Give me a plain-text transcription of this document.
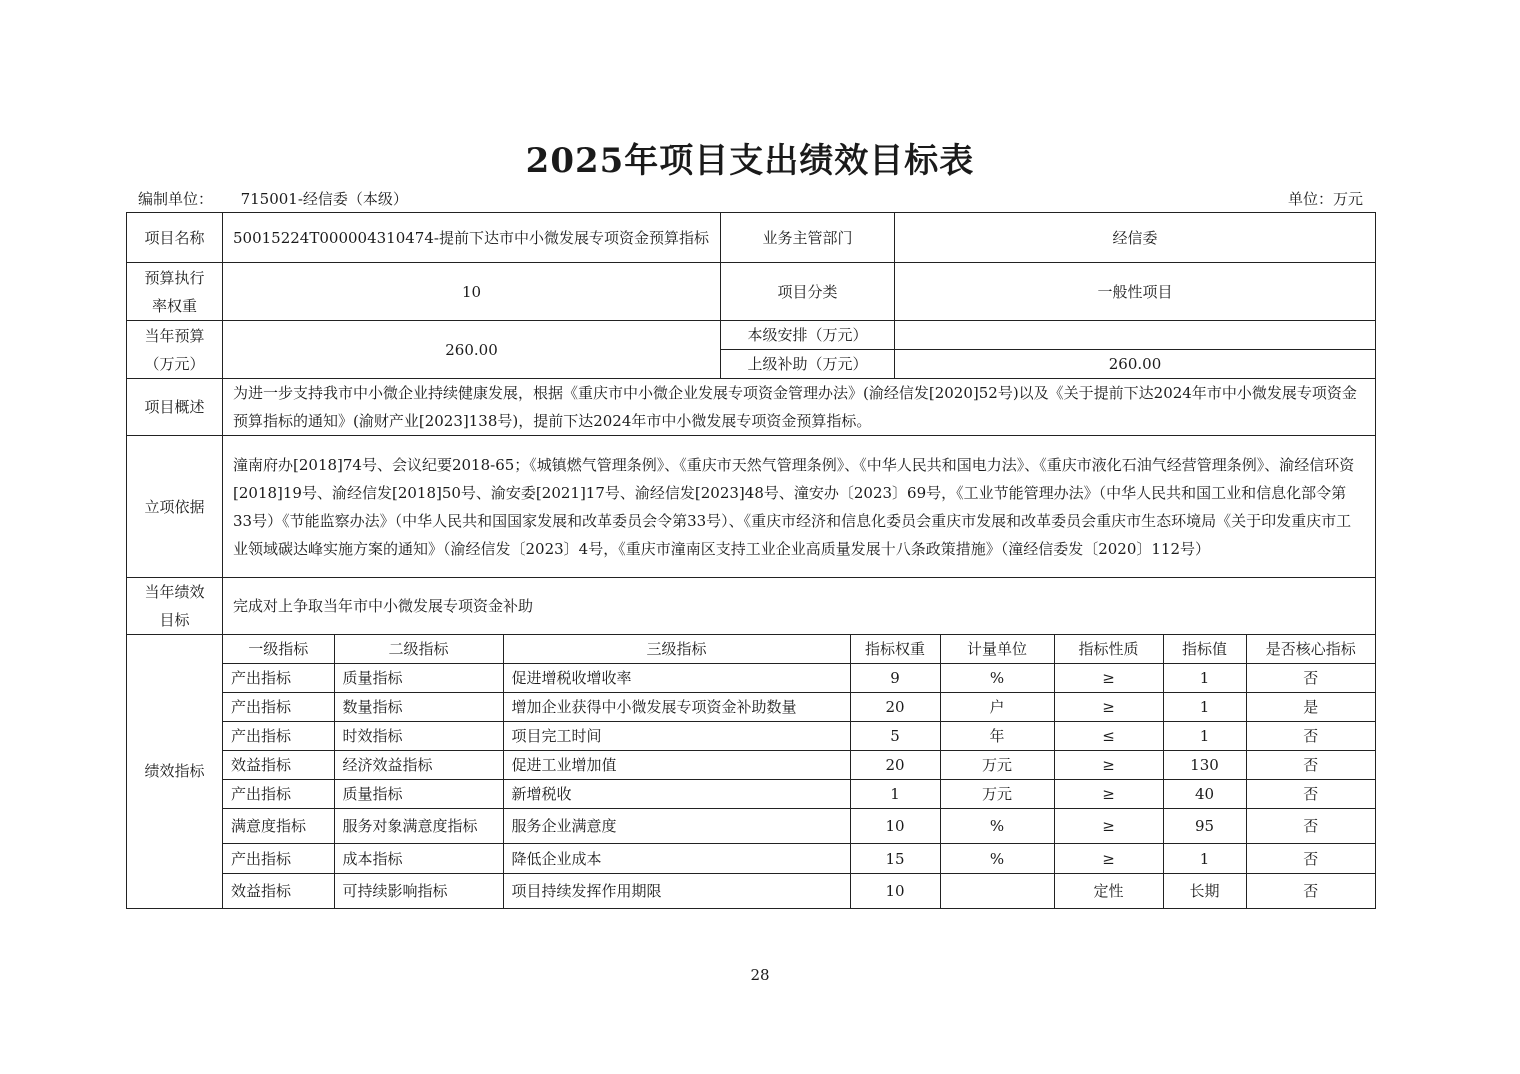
2025年项目支出绩效目标表
编制单位： 715001-经信委（本级）	单位：万元
项目名称	50015224T000004310474-提前下达市中小微发展专项资金预算指标	业务主管部门	经信委

预算执行
率权重
	10	项目分类	一般性项目

当年预算
（万元）
	260.00	本级安排（万元）	
上级补助（万元）	260.00
项目概述	为进一步支持我市中小微企业持续健康发展，根据《重庆市中小微企业发展专项资金管理办法》(渝经信发[2020]52号)以及《关于提前下达2024年市中小微发展专项资金预算指标的通知》(渝财产业[2023]138号)，提前下达2024年市中小微发展专项资金预算指标。
立项依据	潼南府办[2018]74号、会议纪要2018-65；《城镇燃气管理条例》、《重庆市天然气管理条例》、《中华人民共和国电力法》、《重庆市液化石油气经营管理条例》、渝经信环资[2018]19号、渝经信发[2018]50号、渝安委[2021]17号、渝经信发[2023]48号、潼安办〔2023〕69号，《工业节能管理办法》（中华人民共和国工业和信息化部令第33号）《节能监察办法》（中华人民共和国国家发展和改革委员会令第33号）、《重庆市经济和信息化委员会重庆市发展和改革委员会重庆市生态环境局《关于印发重庆市工业领域碳达峰实施方案的通知》（渝经信发〔2023〕4号，《重庆市潼南区支持工业企业高质量发展十八条政策措施》（潼经信委发〔2020〕112号）

当年绩效
目标
	完成对上争取当年市中小微发展专项资金补助
绩效指标	
一级指标	二级指标	三级指标	指标权重	计量单位	指标性质	指标值	是否核心指标
产出指标	质量指标	促进增税收增收率	9	%	≥	1	否
产出指标	数量指标	增加企业获得中小微发展专项资金补助数量	20	户	≥	1	是
产出指标	时效指标	项目完工时间	5	年	≤	1	否
效益指标	经济效益指标	促进工业增加值	20	万元	≥	130	否
产出指标	质量指标	新增税收	1	万元	≥	40	否
满意度指标	服务对象满意度指标	服务企业满意度	10	%	≥	95	否
产出指标	成本指标	降低企业成本	15	%	≥	1	否
效益指标	可持续影响指标	项目持续发挥作用期限	10		定性	长期	否
28
